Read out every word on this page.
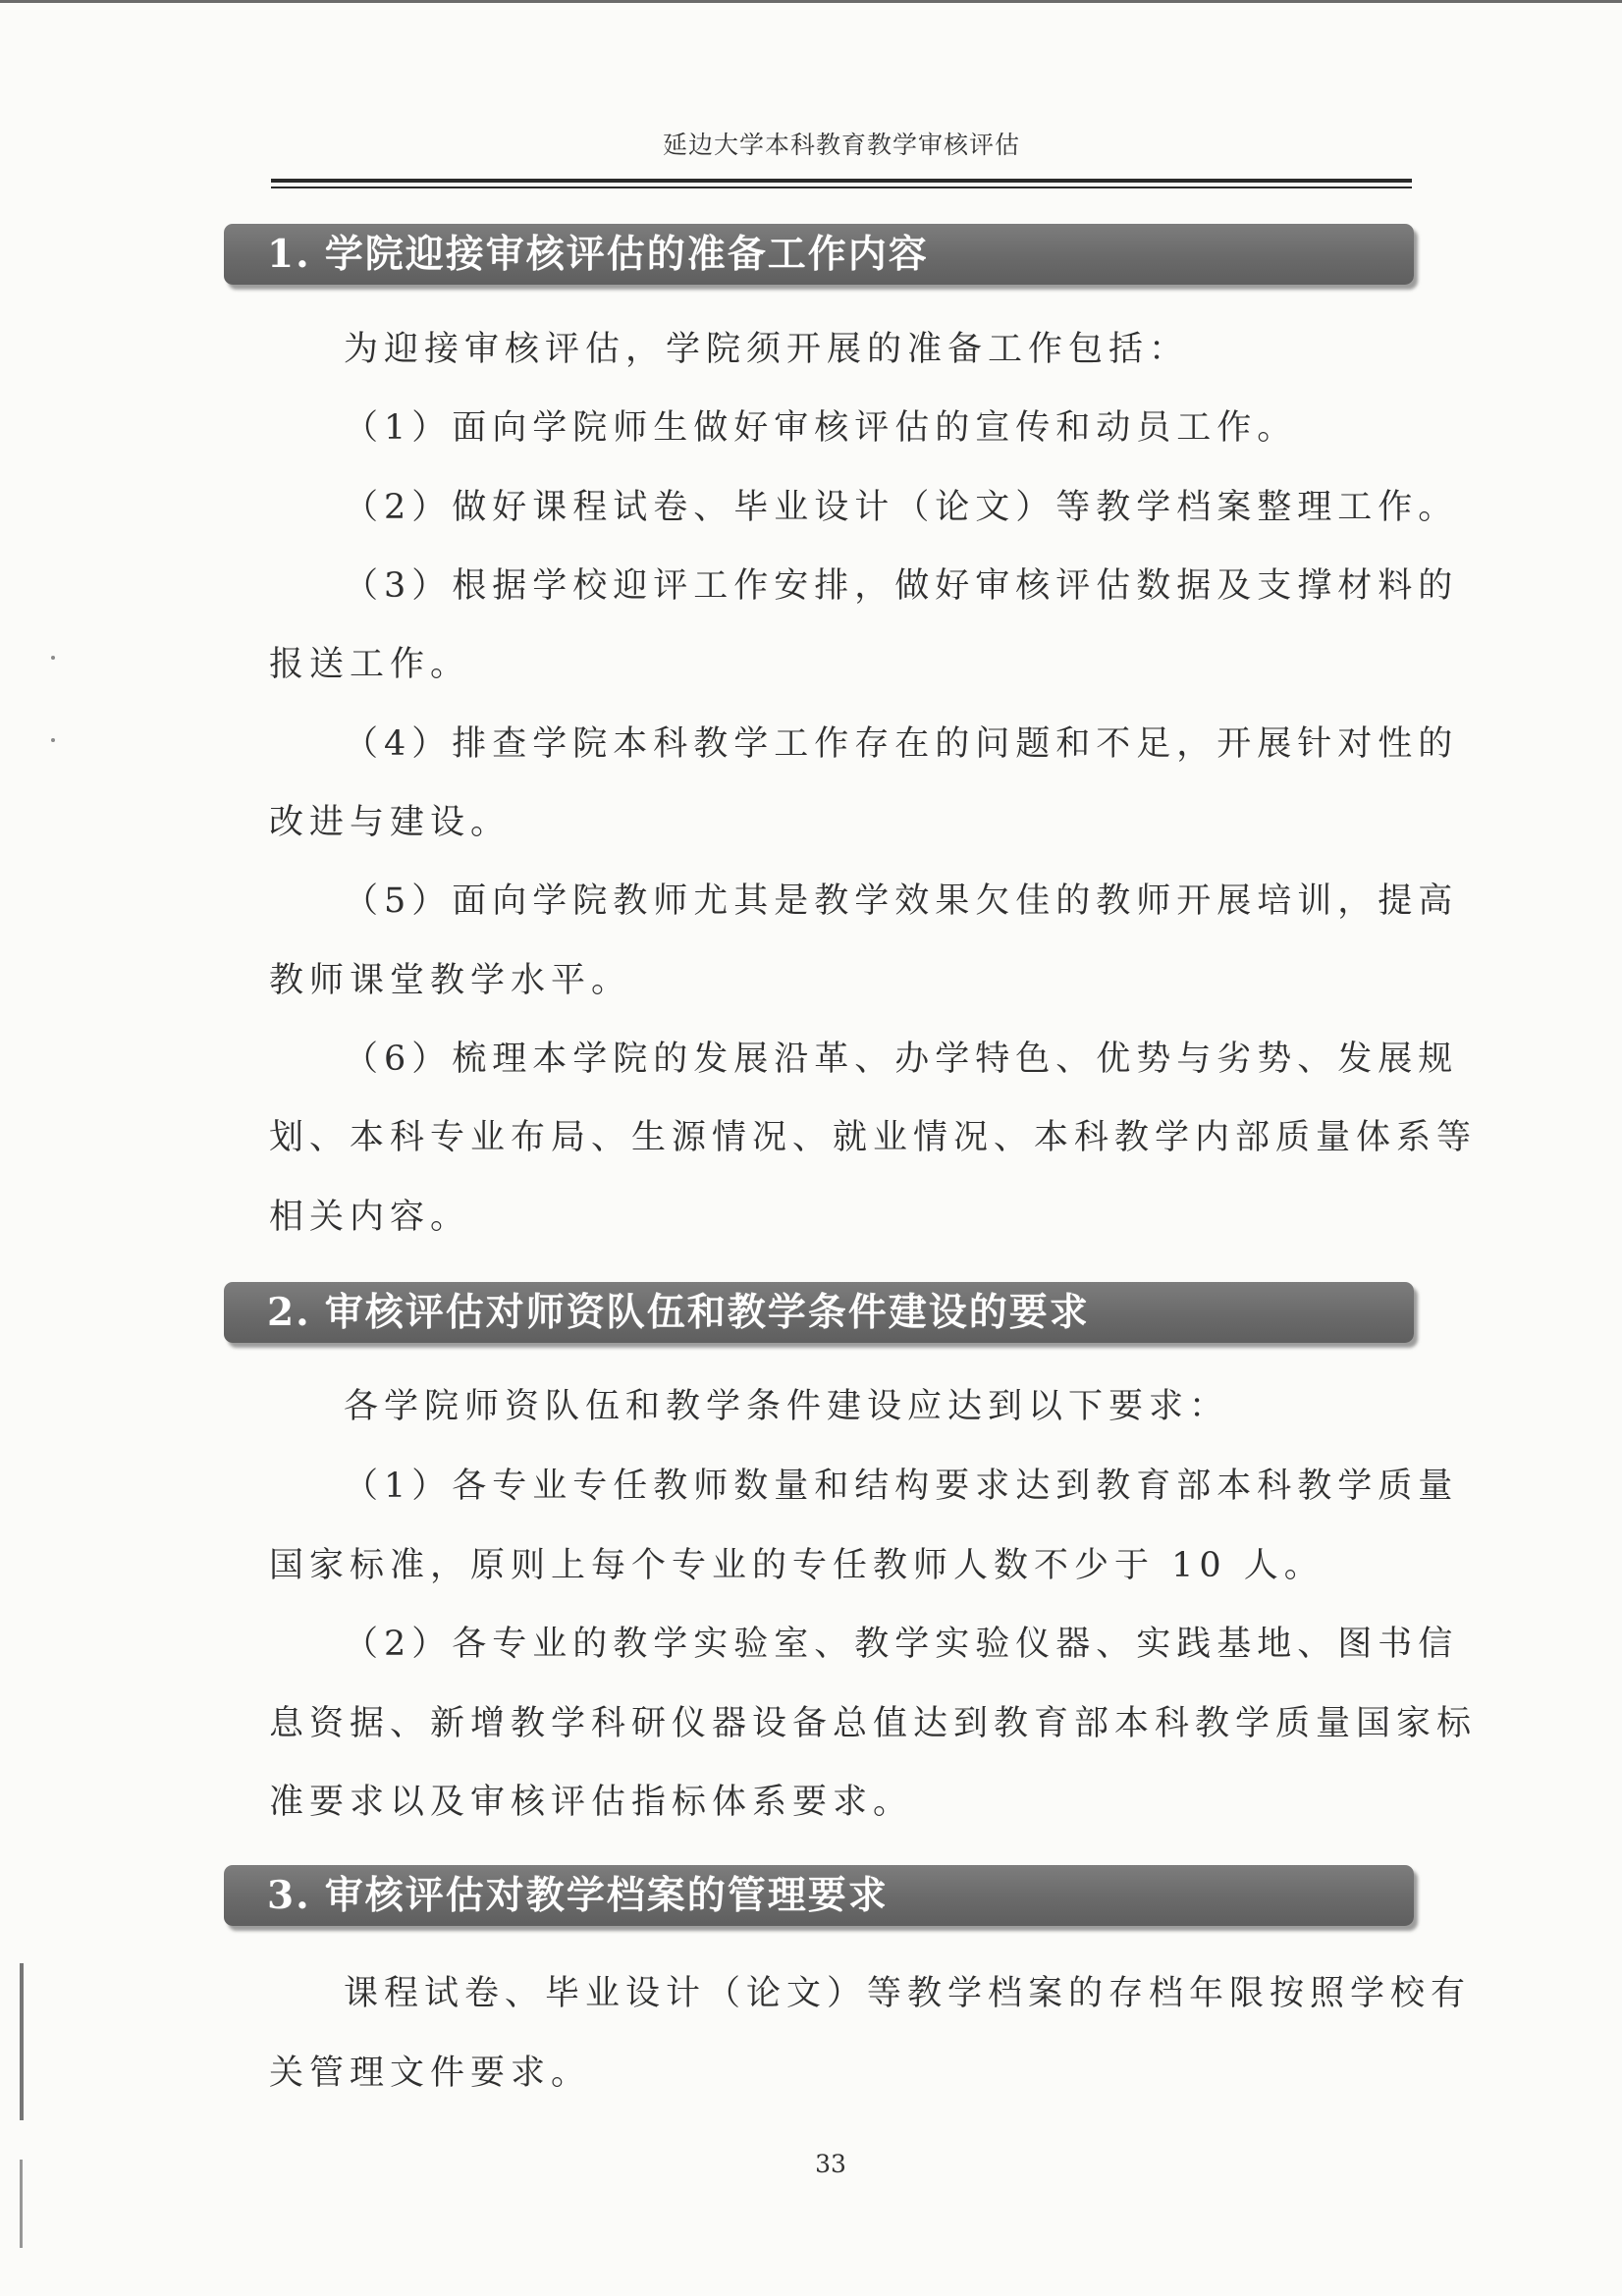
延边大学本科教育教学审核评估
1. 学院迎接审核评估的准备工作内容
为迎接审核评估，学院须开展的准备工作包括：
（1）面向学院师生做好审核评估的宣传和动员工作。
（2）做好课程试卷、毕业设计（论文）等教学档案整理工作。
（3）根据学校迎评工作安排，做好审核评估数据及支撑材料的
报送工作。
（4）排查学院本科教学工作存在的问题和不足，开展针对性的
改进与建设。
（5）面向学院教师尤其是教学效果欠佳的教师开展培训，提高
教师课堂教学水平。
（6）梳理本学院的发展沿革、办学特色、优势与劣势、发展规
划、本科专业布局、生源情况、就业情况、本科教学内部质量体系等
相关内容。
2. 审核评估对师资队伍和教学条件建设的要求
各学院师资队伍和教学条件建设应达到以下要求：
（1）各专业专任教师数量和结构要求达到教育部本科教学质量
国家标准，原则上每个专业的专任教师人数不少于 10 人。
（2）各专业的教学实验室、教学实验仪器、实践基地、图书信
息资据、新增教学科研仪器设备总值达到教育部本科教学质量国家标
准要求以及审核评估指标体系要求。
3. 审核评估对教学档案的管理要求
课程试卷、毕业设计（论文）等教学档案的存档年限按照学校有
关管理文件要求。
33
